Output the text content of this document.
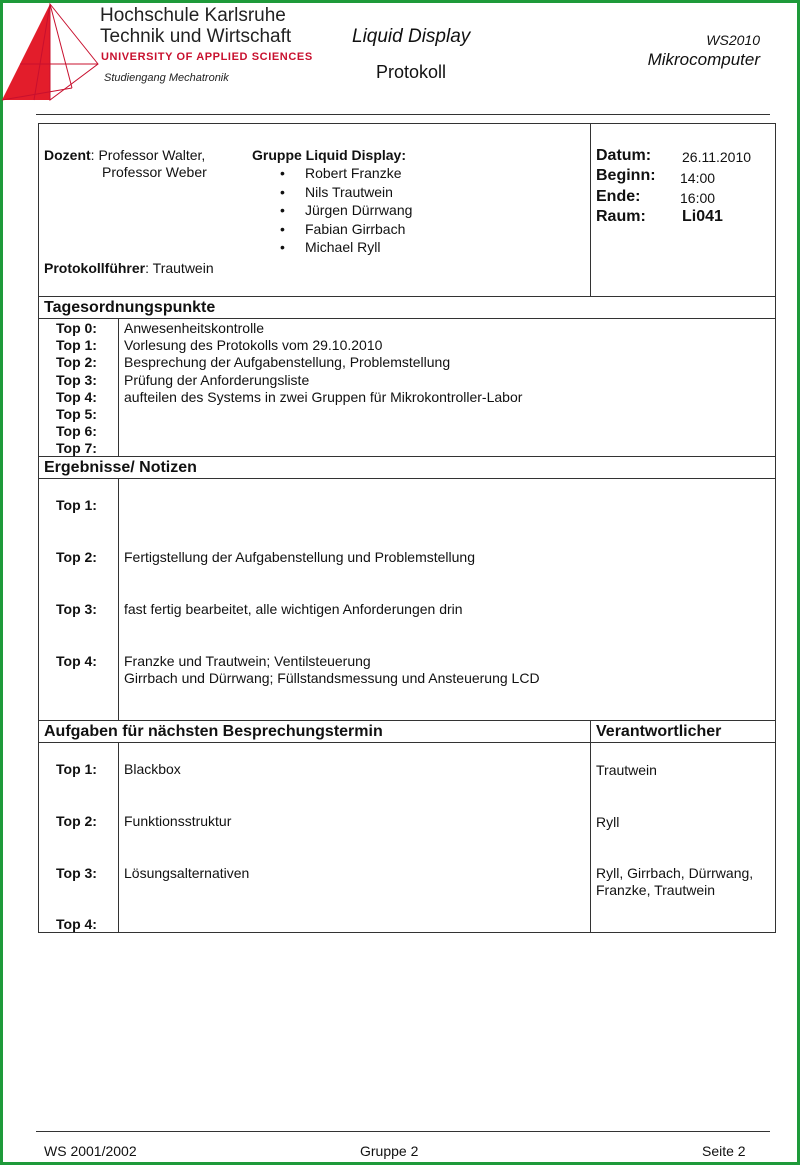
Hochschule Karlsruhe
Technik und Wirtschaft
UNIVERSITY OF APPLIED SCIENCES
Studiengang Mechatronik
Liquid Display
Protokoll
WS2010
Mikrocomputer
Dozent: Professor Walter,
Professor Weber
Gruppe Liquid Display:
• Robert Franzke
• Nils Trautwein
• Jürgen Dürrwang
• Fabian Girrbach
• Michael Ryll
Protokollführer: Trautwein
Datum: 26.11.2010
Beginn: 14:00
Ende:	16:00
Raum: Li041
Tagesordnungspunkte
Top 0: Anwesenheitskontrolle
Top 1: Vorlesung des Protokolls vom 29.10.2010
Top 2: Besprechung der Aufgabenstellung, Problemstellung
Top 3: Prüfung der Anforderungsliste
Top 4: aufteilen des Systems in zwei Gruppen für Mikrokontroller-Labor
Top 5:
Top 6:
Top 7:
Ergebnisse/ Notizen
Top 1:
Top 2: Fertigstellung der Aufgabenstellung und Problemstellung
Top 3: fast fertig bearbeitet, alle wichtigen Anforderungen drin
Top 4: Franzke und Trautwein; Ventilsteuerung
Girrbach und Dürrwang; Füllstandsmessung und Ansteuerung LCD
Aufgaben für nächsten Besprechungstermin	Verantwortlicher
Top 1: Blackbox	Trautwein
Top 2: Funktionsstruktur	Ryll
Top 3: Lösungsalternativen	Ryll, Girrbach, Dürrwang,
Franzke, Trautwein
Top 4:
WS 2001/2002	Gruppe 2	Seite 2
